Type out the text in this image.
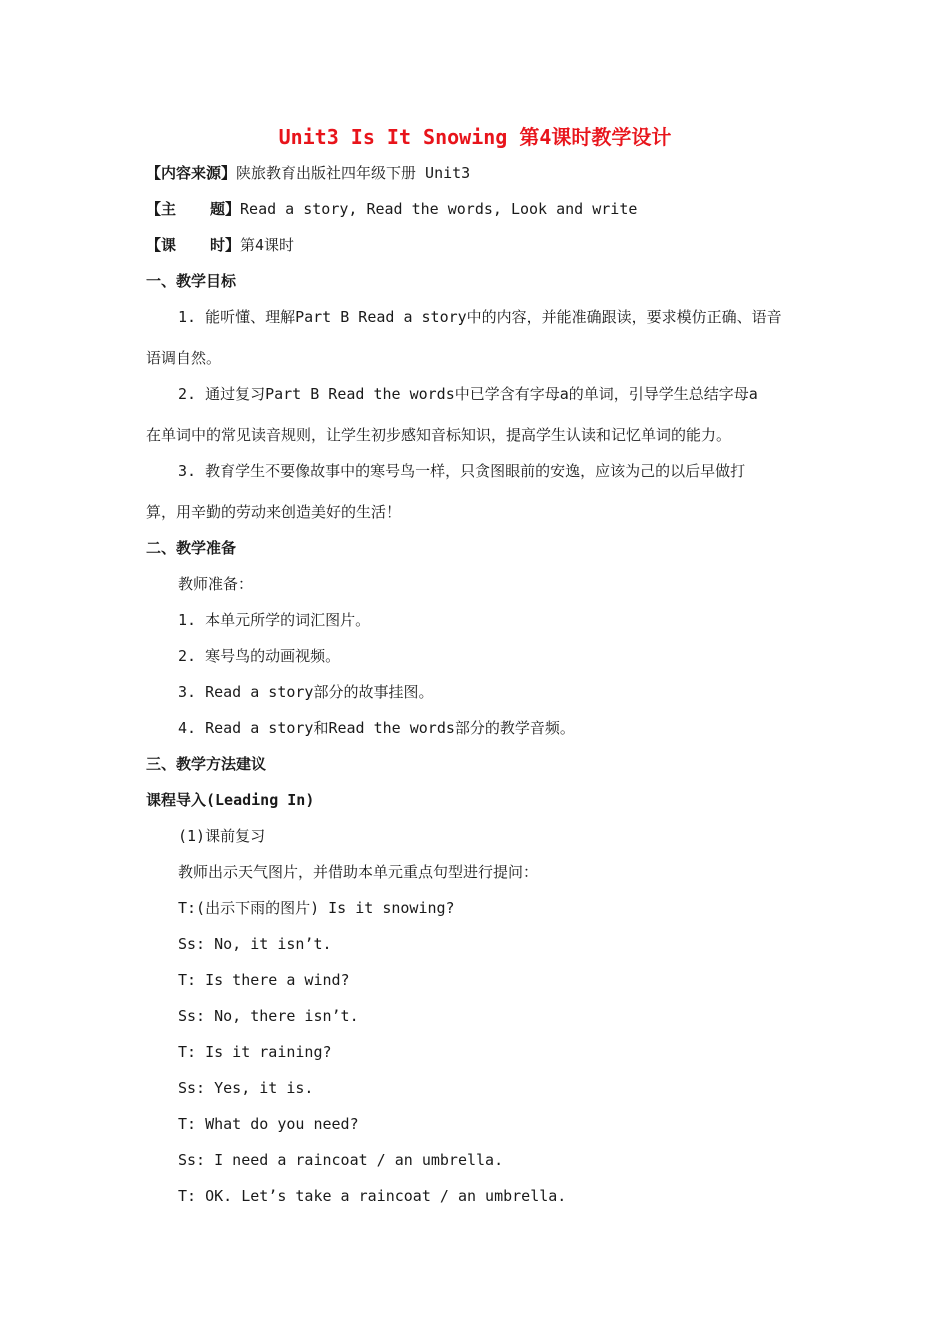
Unit3 Is It Snowing 第4课时教学设计
【内容来源】陕旅教育出版社四年级下册 Unit3
【主 题】Read a story, Read the words, Look and write
【课 时】第4课时
一、教学目标
1. 能听懂、理解Part B Read a story中的内容，并能准确跟读，要求模仿正确、语音
语调自然。
2. 通过复习Part B Read the words中已学含有字母a的单词，引导学生总结字母a
在单词中的常见读音规则，让学生初步感知音标知识，提高学生认读和记忆单词的能力。
3. 教育学生不要像故事中的寒号鸟一样，只贪图眼前的安逸，应该为己的以后早做打
算，用辛勤的劳动来创造美好的生活！
二、教学准备
教师准备：
1. 本单元所学的词汇图片。
2. 寒号鸟的动画视频。
3. Read a story部分的故事挂图。
4. Read a story和Read the words部分的教学音频。
三、教学方法建议
课程导入(Leading In)
(1)课前复习
教师出示天气图片，并借助本单元重点句型进行提问：
T:(出示下雨的图片) Is it snowing?
Ss: No, it isn’t.
T: Is there a wind?
Ss: No, there isn’t.
T: Is it raining?
Ss: Yes, it is.
T: What do you need?
Ss: I need a raincoat / an umbrella.
T: OK. Let’s take a raincoat / an umbrella.
